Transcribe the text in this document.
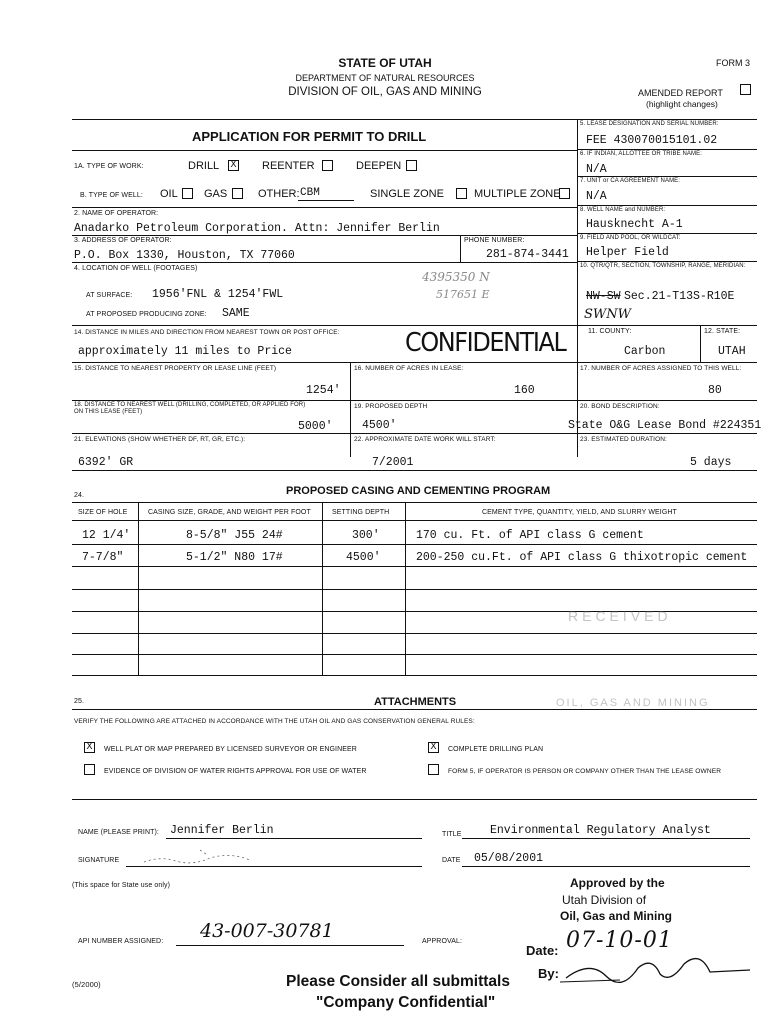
STATE OF UTAH
DEPARTMENT OF NATURAL RESOURCES
DIVISION OF OIL, GAS AND MINING
FORM 3
AMENDED REPORT
(highlight changes)
APPLICATION FOR PERMIT TO DRILL
1A. TYPE OF WORK:	DRILL X REENTER	DEEPEN
B. TYPE OF WELL: OIL GAS	OTHER: CBM	SINGLE ZONE	MULTIPLE ZONE
5. LEASE DESIGNATION AND SERIAL NUMBER:
FEE 430070015101.02
6. IF INDIAN, ALLOTTEE OR TRIBE NAME:
N/A
7. UNIT or CA AGREEMENT NAME:
N/A
8. WELL NAME and NUMBER:
Hausknecht A-1
9. FIELD AND POOL, OR WILDCAT:
Helper Field
10. QTR/QTR, SECTION, TOWNSHIP, RANGE, MERIDIAN:
NW-SW Sec.21-T13S-R10E
SWNW
11. COUNTY:	12. STATE:
Carbon	UTAH
2. NAME OF OPERATOR:
Anadarko Petroleum Corporation. Attn: Jennifer Berlin
3. ADDRESS OF OPERATOR:
P.O. Box 1330, Houston, TX 77060
PHONE NUMBER:
281-874-3441
4. LOCATION OF WELL (FOOTAGES)
AT SURFACE: 1956'FNL & 1254'FWL
AT PROPOSED PRODUCING ZONE: SAME
4395350 N
517651 E
14. DISTANCE IN MILES AND DIRECTION FROM NEAREST TOWN OR POST OFFICE:
approximately 11 miles to Price	CONFIDENTIAL
15. DISTANCE TO NEAREST PROPERTY OR LEASE LINE (FEET)
1254'
16. NUMBER OF ACRES IN LEASE:
160
17. NUMBER OF ACRES ASSIGNED TO THIS WELL:
80
18. DISTANCE TO NEAREST WELL (DRILLING, COMPLETED, OR APPLIED FOR) ON THIS LEASE (FEET)
5000'
19. PROPOSED DEPTH
4500'
20. BOND DESCRIPTION:
State O&G Lease Bond #224351
21. ELEVATIONS (SHOW WHETHER DF, RT, GR, ETC.):
6392' GR
22. APPROXIMATE DATE WORK WILL START:
7/2001
23. ESTIMATED DURATION:
5 days
24.	PROPOSED CASING AND CEMENTING PROGRAM
SIZE OF HOLE	CASING SIZE, GRADE, AND WEIGHT PER FOOT	SETTING DEPTH	CEMENT TYPE, QUANTITY, YIELD, AND SLURRY WEIGHT
12 1/4'	8-5/8" J55 24#	300'	170 cu. Ft. of API class G cement
7-7/8"	5-1/2" N80 17#	4500'	200-250 cu.Ft. of API class G thixotropic cement
RECEIVED
25.	ATTACHMENTS	OIL, GAS AND MINING
VERIFY THE FOLLOWING ARE ATTACHED IN ACCORDANCE WITH THE UTAH OIL AND GAS CONSERVATION GENERAL RULES:
X	WELL PLAT OR MAP PREPARED BY LICENSED SURVEYOR OR ENGINEER	X	COMPLETE DRILLING PLAN
EVIDENCE OF DIVISION OF WATER RIGHTS APPROVAL FOR USE OF WATER	FORM 5, IF OPERATOR IS PERSON OR COMPANY OTHER THAN THE LEASE OWNER
NAME (PLEASE PRINT): Jennifer Berlin	TITLE Environmental Regulatory Analyst
SIGNATURE	DATE 05/08/2001
(This space for State use only)	Approved by the
Utah Division of
Oil, Gas and Mining
API NUMBER ASSIGNED: 43-007-30781	APPROVAL:
Date: 07-10-01
By:
(5/2000)	Please Consider all submittals
"Company Confidential"
